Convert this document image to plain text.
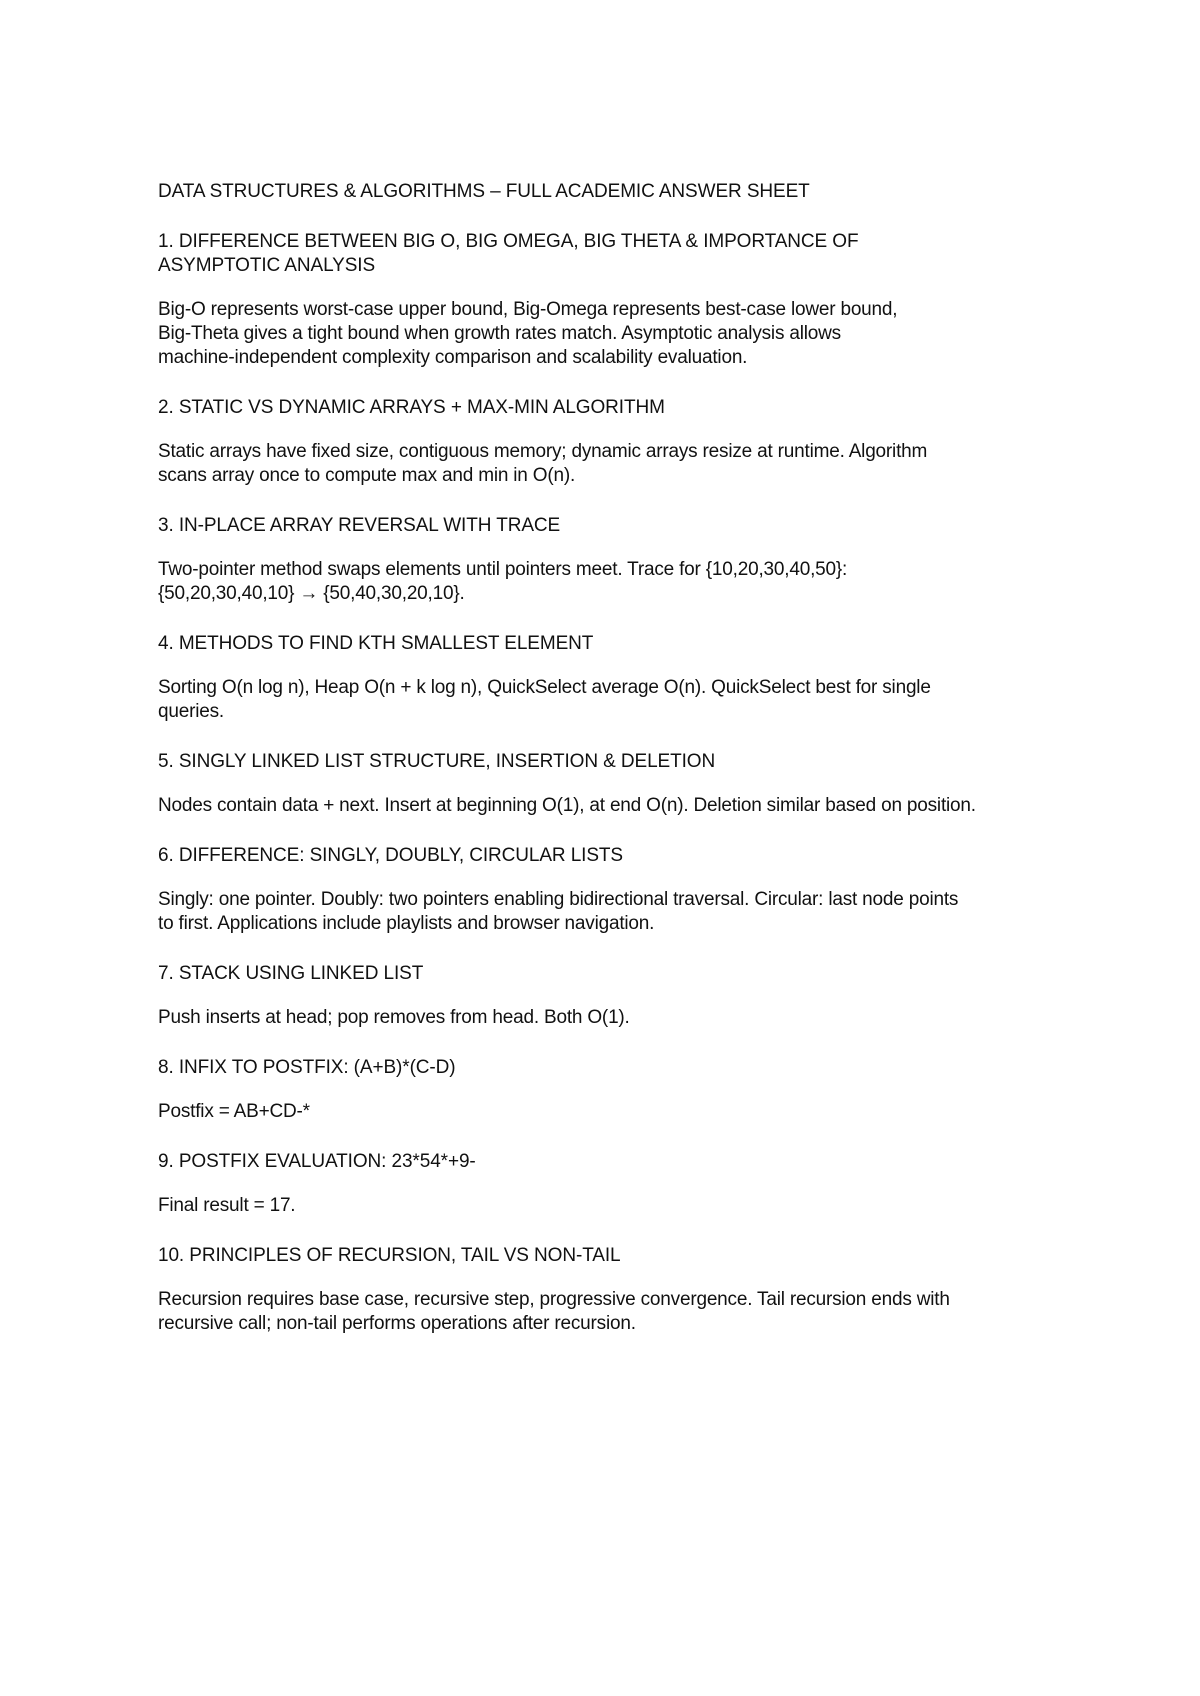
DATA STRUCTURES & ALGORITHMS – FULL ACADEMIC ANSWER SHEET
1. DIFFERENCE BETWEEN BIG O, BIG OMEGA, BIG THETA & IMPORTANCE OF
ASYMPTOTIC ANALYSIS

Big-O represents worst-case upper bound, Big-Omega represents best-case lower bound,
Big-Theta gives a tight bound when growth rates match. Asymptotic analysis allows
machine-independent complexity comparison and scalability evaluation.

2. STATIC VS DYNAMIC ARRAYS + MAX-MIN ALGORITHM

Static arrays have fixed size, contiguous memory; dynamic arrays resize at runtime. Algorithm
scans array once to compute max and min in O(n).

3. IN-PLACE ARRAY REVERSAL WITH TRACE

Two-pointer method swaps elements until pointers meet. Trace for {10,20,30,40,50}:
{50,20,30,40,10} → {50,40,30,20,10}.

4. METHODS TO FIND KTH SMALLEST ELEMENT

Sorting O(n log n), Heap O(n + k log n), QuickSelect average O(n). QuickSelect best for single
queries.

5. SINGLY LINKED LIST STRUCTURE, INSERTION & DELETION

Nodes contain data + next. Insert at beginning O(1), at end O(n). Deletion similar based on position.

6. DIFFERENCE: SINGLY, DOUBLY, CIRCULAR LISTS

Singly: one pointer. Doubly: two pointers enabling bidirectional traversal. Circular: last node points
to first. Applications include playlists and browser navigation.

7. STACK USING LINKED LIST

Push inserts at head; pop removes from head. Both O(1).

8. INFIX TO POSTFIX: (A+B)*(C-D)

Postfix = AB+CD-*

9. POSTFIX EVALUATION: 23*54*+9-

Final result = 17.

10. PRINCIPLES OF RECURSION, TAIL VS NON-TAIL

Recursion requires base case, recursive step, progressive convergence. Tail recursion ends with
recursive call; non-tail performs operations after recursion.
